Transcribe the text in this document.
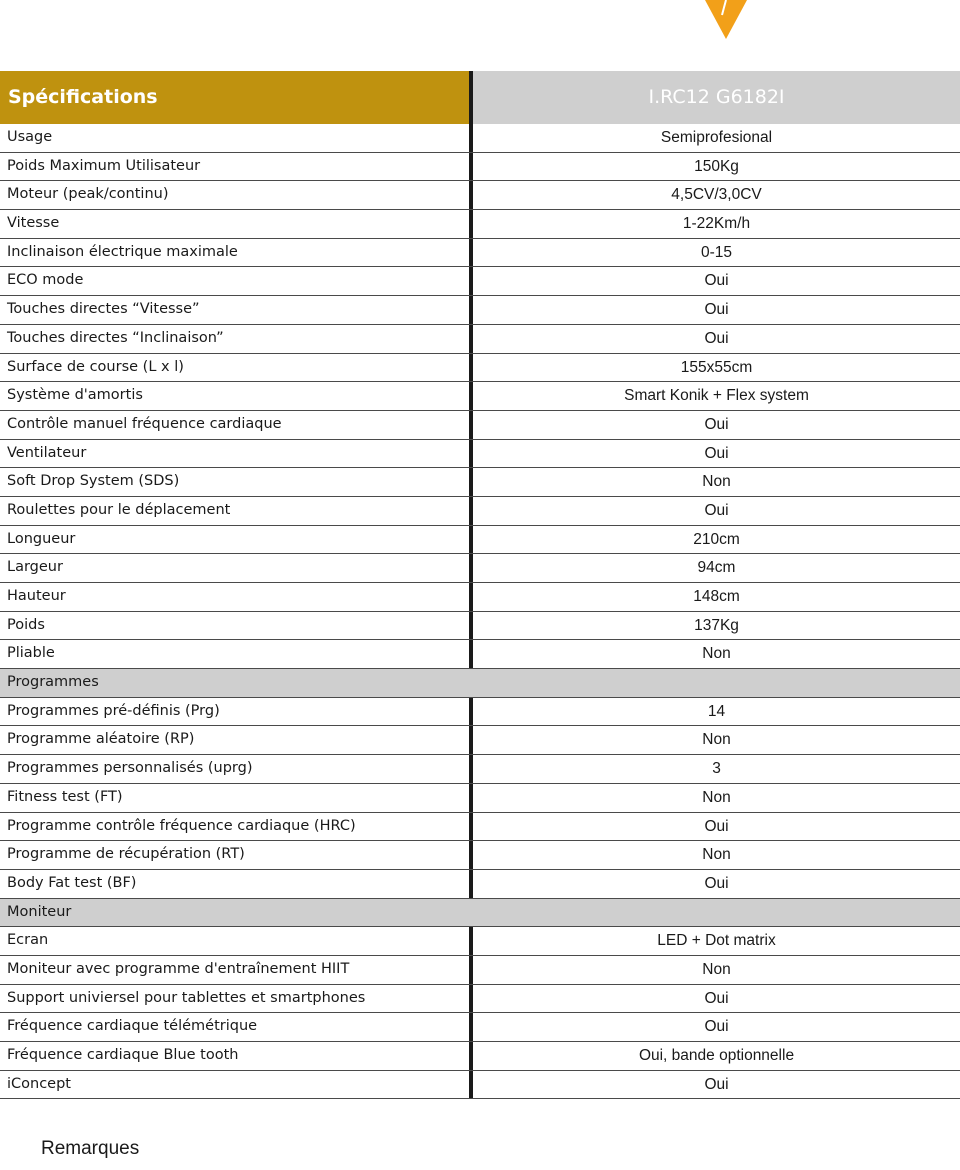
Spécifications	I.RC12 G6182I
Usage	Semiprofesional
Poids Maximum Utilisateur	150Kg
Moteur (peak/continu)	4,5CV/3,0CV
Vitesse	1-22Km/h
Inclinaison électrique maximale	0-15
ECO mode	Oui
Touches directes “Vitesse”	Oui
Touches directes “Inclinaison”	Oui
Surface de course (L x l)	155x55cm
Système d'amortis	Smart Konik + Flex system
Contrôle manuel fréquence cardiaque	Oui
Ventilateur	Oui
Soft Drop System (SDS)	Non
Roulettes pour le déplacement	Oui
Longueur	210cm
Largeur	94cm
Hauteur	148cm
Poids	137Kg
Pliable	Non
Programmes
Programmes pré-définis (Prg)	14
Programme aléatoire (RP)	Non
Programmes personnalisés (uprg)	3
Fitness test (FT)	Non
Programme contrôle fréquence cardiaque (HRC)	Oui
Programme de récupération (RT)	Non
Body Fat test (BF)	Oui
Moniteur
Ecran	LED + Dot matrix
Moniteur avec programme d'entraînement HIIT	Non
Support univiersel pour tablettes et smartphones	Oui
Fréquence cardiaque télémétrique	Oui
Fréquence cardiaque Blue tooth	Oui, bande optionnelle
iConcept	Oui
Remarques
